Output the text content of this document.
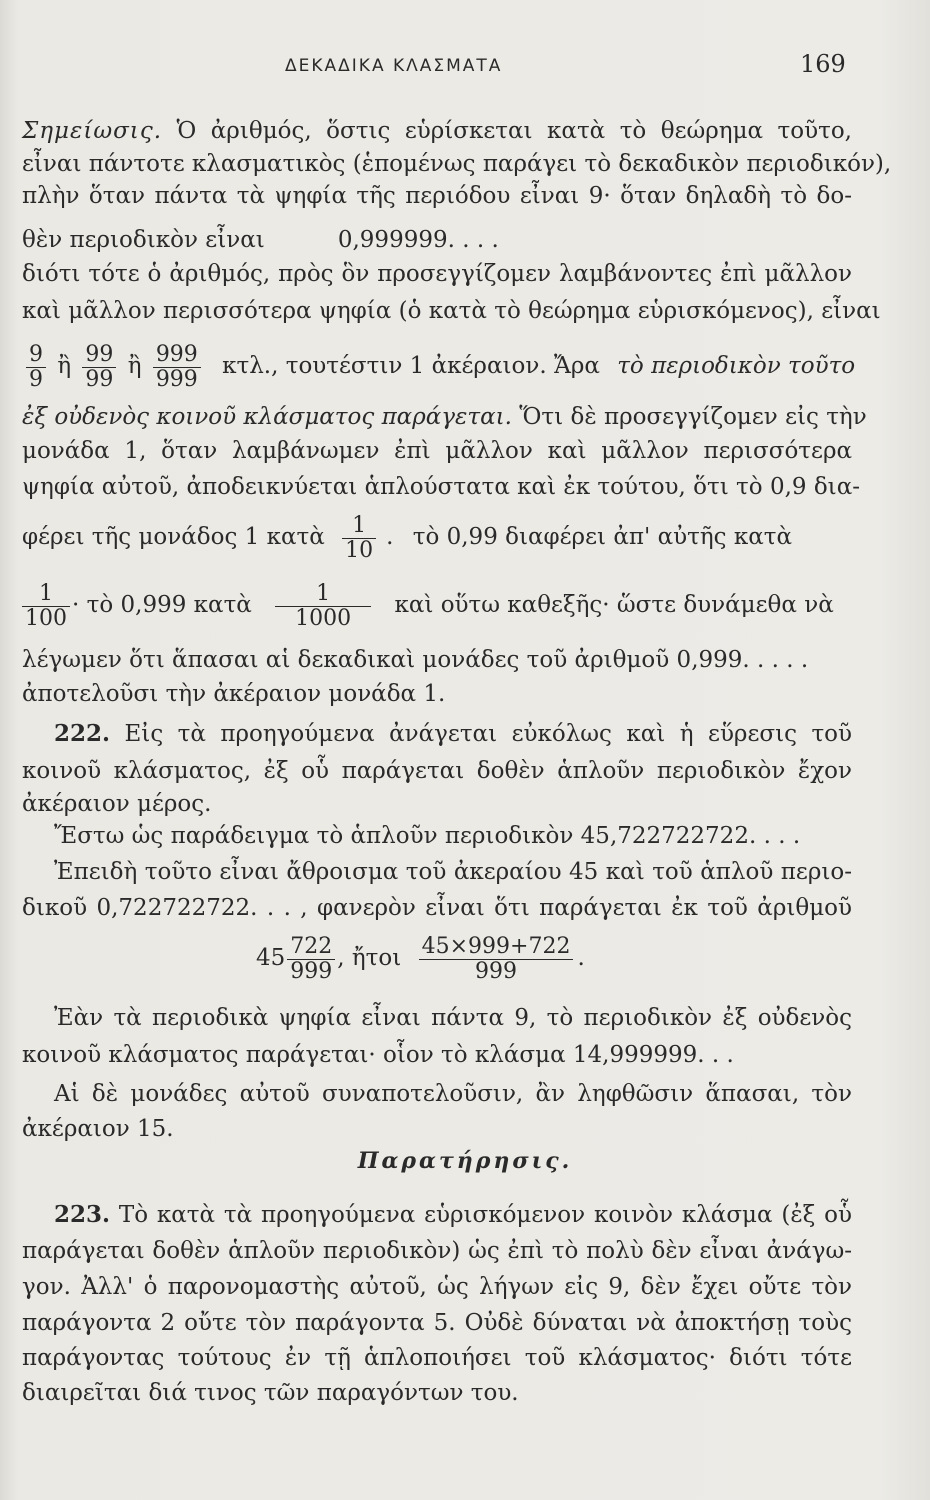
ΔΕΚΑΔΙΚΑ ΚΛΑΣΜΑΤΑ	169
Σημείωσις. Ὁ ἀριθμός, ὅστις εὑρίσκεται κατὰ τὸ θεώρημα τοῦτο,
εἶναι πάντοτε κλασματικὸς (ἑπομένως παράγει τὸ δεκαδικὸν περιοδικόν),
πλὴν ὅταν πάντα τὰ ψηφία τῆς περιόδου εἶναι 9· ὅταν δηλαδὴ τὸ δο-
θὲν περιοδικὸν εἶναι          0,999999. . . .
διότι τότε ὁ ἀριθμός, πρὸς ὃν προσεγγίζομεν λαμβάνοντες ἐπὶ μᾶλλον
καὶ μᾶλλον περισσότερα ψηφία (ὁ κατὰ τὸ θεώρημα εὑρισκόμενος), εἶναι
$\frac{9}{9}$ ἢ $\frac{99}{99}$ ἢ $\frac{999}{999} \kappa\tau\lambda$., τουτέστιν 1 ἀκέραιον. Ἄρα τὸ περιοδικὸν τοῦτο
ἐξ οὐδενὸς κοινοῦ κλάσματος παράγεται. Ὅτι δὲ προσεγγίζομεν εἰς τὴν
μονάδα 1, ὅταν λαμβάνωμεν ἐπὶ μᾶλλον καὶ μᾶλλον περισσότερα
ψηφία αὐτοῦ, ἀποδεικνύεται ἁπλούστατα καὶ ἐκ τούτου, ὅτι τὸ 0,9 δια-
φέρει τῆς μονάδος 1 κατὰ $\frac{1}{10}$ . τὸ 0,99 διαφέρει ἀπ' αὐτῆς κατὰ
$\frac{1}{100}$ · τὸ 0,999 κατὰ $\frac{1}{1000}$ καὶ οὕτω καθεξῆς· ὥστε δυνάμεθα νὰ
λέγωμεν ὅτι ἅπασαι αἱ δεκαδικαὶ μονάδες τοῦ ἀριθμοῦ 0,999. . . . .
ἀποτελοῦσι τὴν ἀκέραιον μονάδα 1.
222. Εἰς τὰ προηγούμενα ἀνάγεται εὐκόλως καὶ ἡ εὕρεσις τοῦ
κοινοῦ κλάσματος, ἐξ οὗ παράγεται δοθὲν ἁπλοῦν περιοδικὸν ἔχον
ἀκέραιον μέρος.
Ἔστω ὡς παράδειγμα τὸ ἁπλοῦν περιοδικὸν 45,722722722. . . .
Ἐπειδὴ τοῦτο εἶναι ἄθροισμα τοῦ ἀκεραίου 45 καὶ τοῦ ἁπλοῦ περιο-
δικοῦ 0,722722722. . . , φανερὸν εἶναι ὅτι παράγεται ἐκ τοῦ ἀριθμοῦ
$45 \frac{722}{999}$ , ἤτοι $\frac{45\times 999+722}{999}$ .
Ἐὰν τὰ περιοδικὰ ψηφία εἶναι πάντα 9, τὸ περιοδικὸν ἐξ οὐδενὸς
κοινοῦ κλάσματος παράγεται· οἷον τὸ κλάσμα 14,999999. . .
Αἱ δὲ μονάδες αὐτοῦ συναποτελοῦσιν, ἂν ληφθῶσιν ἅπασαι, τὸν
ἀκέραιον 15.
Παρατήρησις.
223. Τὸ κατὰ τὰ προηγούμενα εὑρισκόμενον κοινὸν κλάσμα (ἐξ οὗ
παράγεται δοθὲν ἁπλοῦν περιοδικὸν) ὡς ἐπὶ τὸ πολὺ δὲν εἶναι ἀνάγω-
γον. Ἀλλ' ὁ παρονομαστὴς αὐτοῦ, ὡς λήγων εἰς 9, δὲν ἔχει οὔτε τὸν
παράγοντα 2 οὔτε τὸν παράγοντα 5. Οὐδὲ δύναται νὰ ἀποκτήσῃ τοὺς
παράγοντας τούτους ἐν τῇ ἁπλοποιήσει τοῦ κλάσματος· διότι τότε
διαιρεῖται διά τινος τῶν παραγόντων του.
